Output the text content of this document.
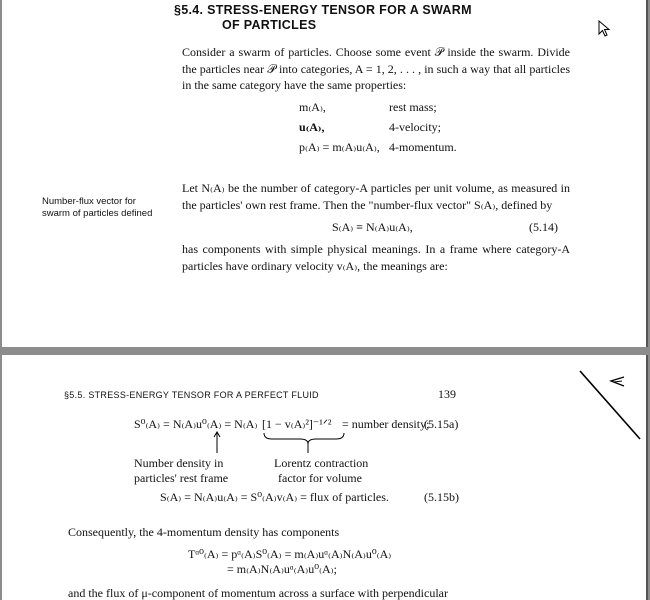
§5.4. STRESS-ENERGY TENSOR FOR A SWARM
OF PARTICLES
Consider a swarm of particles. Choose some event 𝒫 inside the swarm. Divide the particles near 𝒫 into categories, A = 1, 2, . . . , in such a way that all particles in the same category have the same properties:
m₍A₎,	rest mass;
u₍A₎,	4-velocity;
p₍A₎ = m₍A₎u₍A₎, 4-momentum.
Let N₍A₎ be the number of category-A particles per unit volume, as measured in the particles' own rest frame. Then the "number-flux vector" S₍A₎, defined by
Number-flux vector for
swarm of particles defined
S₍A₎ ≡ N₍A₎u₍A₎,	(5.14)
has components with simple physical meanings. In a frame where category-A particles have ordinary velocity v₍A₎, the meanings are:
§5.5. STRESS-ENERGY TENSOR FOR A PERFECT FLUID	139
S⁰₍A₎ = N₍A₎u⁰₍A₎ = N₍A₎ [1 − v₍A₎²]⁻¹ᐟ² = number density;
(5.15a)
Number density in
particles' rest frame
Lorentz contraction
factor for volume
S₍A₎ = N₍A₎u₍A₎ = S⁰₍A₎v₍A₎ = flux of particles.	(5.15b)
Consequently, the 4-momentum density has components
Tᵅ⁰₍A₎ = pᵅ₍A₎S⁰₍A₎ = m₍A₎uᵅ₍A₎N₍A₎u⁰₍A₎
= m₍A₎N₍A₎uᵅ₍A₎u⁰₍A₎;
and the flux of μ-component of momentum across a surface with perpendicular
